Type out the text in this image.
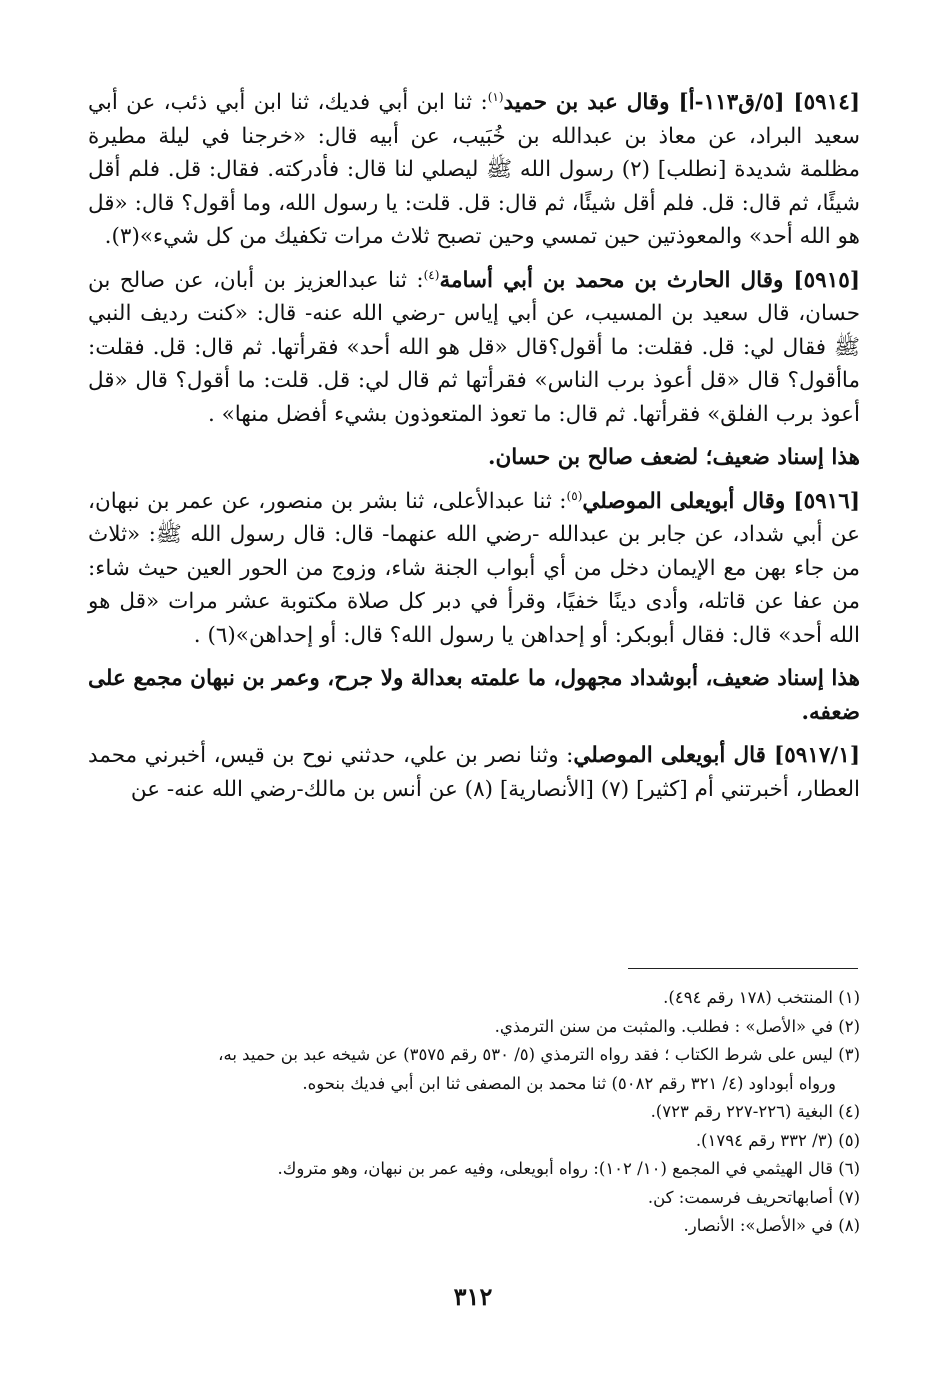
[٥٩١٤] [٥/ق١١٣-أ] وقال عبد بن حميد$^{(١)}$: ثنا ابن أبي فديك، ثنا ابن أبي ذئب، عن أبي سعيد البراد، عن معاذ بن عبدالله بن خُبَيب، عن أبيه قال: «خرجنا في ليلة مطيرة مظلمة شديدة [نطلب] (٢) رسول الله ﷺ ليصلي لنا قال: فأدركته. فقال: قل. فلم أقل شيئًا، ثم قال: قل. فلم أقل شيئًا، ثم قال: قل. قلت: يا رسول الله، وما أقول؟ قال: «قل هو الله أحد» والمعوذتين حين تمسي وحين تصبح ثلاث مرات تكفيك من كل شيء»(٣).

[٥٩١٥] وقال الحارث بن محمد بن أبي أسامة$^{(٤)}$: ثنا عبدالعزيز بن أبان، عن صالح بن حسان، قال سعيد بن المسيب، عن أبي إياس -رضي الله عنه- قال: «كنت رديف النبي ﷺ فقال لي: قل. فقلت: ما أقول؟قال «قل هو الله أحد» فقرأتها. ثم قال: قل. فقلت: ماأقول؟ قال «قل أعوذ برب الناس» فقرأتها ثم قال لي: قل. قلت: ما أقول؟ قال «قل أعوذ برب الفلق» فقرأتها. ثم قال: ما تعوذ المتعوذون بشيء أفضل منها» .

هذا إسناد ضعيف؛ لضعف صالح بن حسان.

[٥٩١٦] وقال أبويعلى الموصلي$^{(٥)}$: ثنا عبدالأعلى، ثنا بشر بن منصور، عن عمر بن نبهان، عن أبي شداد، عن جابر بن عبدالله -رضي الله عنهما- قال: قال رسول الله ﷺ: «ثلاث من جاء بهن مع الإيمان دخل من أي أبواب الجنة شاء، وزوج من الحور العين حيث شاء: من عفا عن قاتله، وأدى دينًا خفيًا، وقرأ في دبر كل صلاة مكتوبة عشر مرات «قل هو الله أحد» قال: فقال أبوبكر: أو إحداهن يا رسول الله؟ قال: أو إحداهن»(٦) .

هذا إسناد ضعيف، أبوشداد مجهول، ما علمته بعدالة ولا جرح، وعمر بن نبهان مجمع على ضعفه.

[٥٩١٧/١] قال أبويعلى الموصلي: وثنا نصر بن علي، حدثني نوح بن قيس، أخبرني محمد العطار، أخبرتني أم [كثير] (٧) [الأنصارية] (٨) عن أنس بن مالك-رضي الله عنه- عن

(١) المنتخب (١٧٨ رقم ٤٩٤).

(٢) في «الأصل» : فطلب. والمثبت من سنن الترمذي.

(٣) ليس على شرط الكتاب ؛ فقد رواه الترمذي (٥/ ٥٣٠ رقم ٣٥٧٥) عن شيخه عبد بن حميد به،

ورواه أبوداود (٤/ ٣٢١ رقم ٥٠٨٢) ثنا محمد بن المصفى ثنا ابن أبي فديك بنحوه.

(٤) البغية (٢٢٦-٢٢٧ رقم ٧٢٣).

(٥) (٣/ ٣٣٢ رقم ١٧٩٤).

(٦) قال الهيثمي في المجمع (١٠/ ١٠٢): رواه أبويعلى، وفيه عمر بن نبهان، وهو متروك.

(٧) أصابهاتحريف فرسمت: كن.

(٨) في «الأصل»: الأنصار.

٣١٢
